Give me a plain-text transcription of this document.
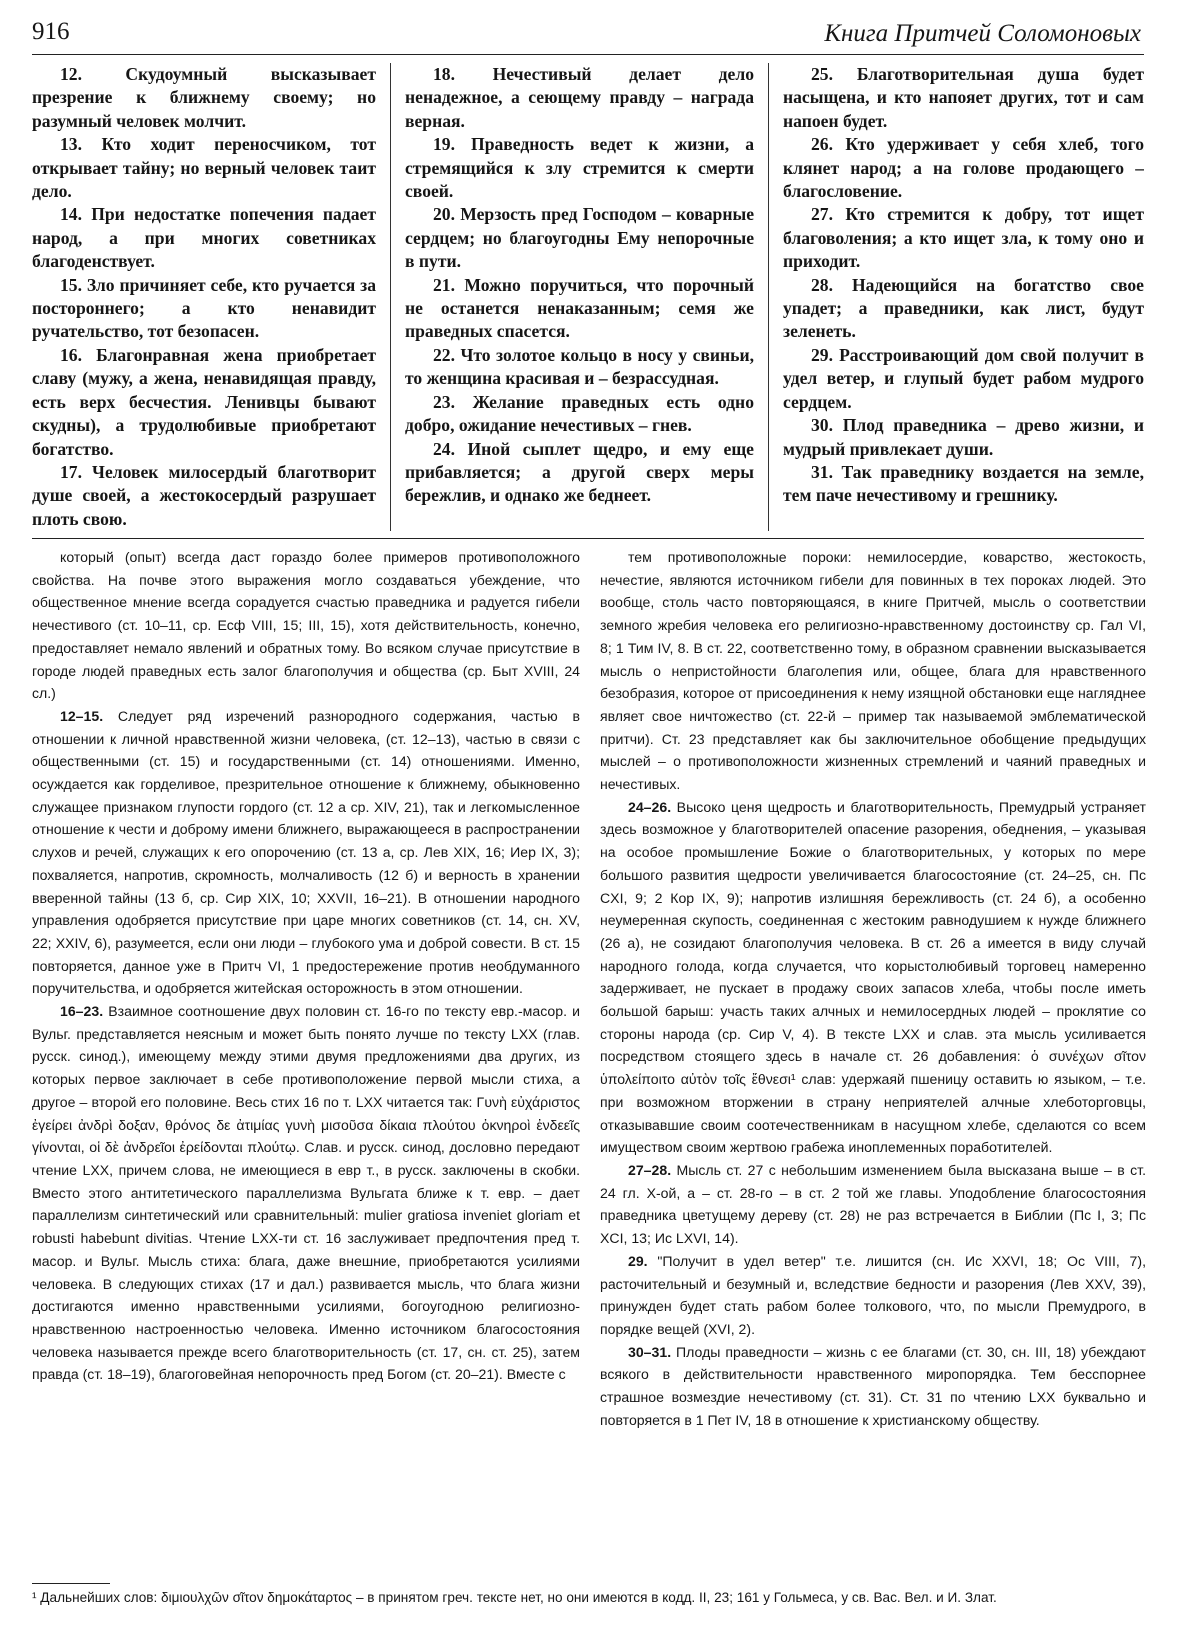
916	Книга Притчей Соломоновых

12. Скудоумный высказывает презрение к ближнему своему; но разумный человек молчит.

13. Кто ходит переносчиком, тот открывает тайну; но верный человек таит дело.

14. При недостатке попечения падает народ, а при многих советниках благоденствует.

15. Зло причиняет себе, кто ручается за постороннего; а кто ненавидит ручательство, тот безопасен.

16. Благонравная жена приобретает славу (мужу, а жена, ненавидящая правду, есть верх бесчестия. Ленивцы бывают скудны), а трудолюбивые приобретают богатство.

17. Человек милосердый благотворит душе своей, а жестокосердый разрушает плоть свою.

18. Нечестивый делает дело ненадежное, а сеющему правду – награда верная.

19. Праведность ведет к жизни, а стремящийся к злу стремится к смерти своей.

20. Мерзость пред Господом – коварные сердцем; но благоугодны Ему непорочные в пути.

21. Можно поручиться, что порочный не останется ненаказанным; семя же праведных спасется.

22. Что золотое кольцо в носу у свиньи, то женщина красивая и – безрассудная.

23. Желание праведных есть одно добро, ожидание нечестивых – гнев.

24. Иной сыплет щедро, и ему еще прибавляется; а другой сверх меры бережлив, и однако же беднеет.

25. Благотворительная душа будет насыщена, и кто напояет других, тот и сам напоен будет.

26. Кто удерживает у себя хлеб, того клянет народ; а на голове продающего – благословение.

27. Кто стремится к добру, тот ищет благоволения; а кто ищет зла, к тому оно и приходит.

28. Надеющийся на богатство свое упадет; а праведники, как лист, будут зеленеть.

29. Расстроивающий дом свой получит в удел ветер, и глупый будет рабом мудрого сердцем.

30. Плод праведника – древо жизни, и мудрый привлекает души.

31. Так праведнику воздается на земле, тем паче нечестивому и грешнику.

который (опыт) всегда даст гораздо более примеров противоположного свойства. На почве этого выражения могло создаваться убеждение, что общественное мнение всегда сорадуется счастью праведника и радуется гибели нечестивого (ст. 10–11, ср. Есф VIII, 15; III, 15), хотя действительность, конечно, предоставляет немало явлений и обратных тому. Во всяком случае присутствие в городе людей праведных есть залог благополучия и общества (ср. Быт XVIII, 24 сл.)

12–15. Следует ряд изречений разнородного содержания, частью в отношении к личной нравственной жизни человека, (ст. 12–13), частью в связи с общественными (ст. 15) и государственными (ст. 14) отношениями. Именно, осуждается как горделивое, презрительное отношение к ближнему, обыкновенно служащее признаком глупости гордого (ст. 12 а ср. XIV, 21), так и легкомысленное отношение к чести и доброму имени ближнего, выражающееся в распространении слухов и речей, служащих к его опорочению (ст. 13 а, ср. Лев XIX, 16; Иер IX, 3); похваляется, напротив, скромность, молчаливость (12 б) и верность в хранении вверенной тайны (13 б, ср. Сир XIX, 10; XXVII, 16–21). В отношении народного управления одобряется присутствие при царе многих советников (ст. 14, сн. XV, 22; XXIV, 6), разумеется, если они люди – глубокого ума и доброй совести. В ст. 15 повторяется, данное уже в Притч VI, 1 предостережение против необдуманного поручительства, и одобряется житейская осторожность в этом отношении.

16–23. Взаимное соотношение двух половин ст. 16-го по тексту евр.-масор. и Вульг. представляется неясным и может быть понято лучше по тексту LXX (глав. русск. синод.), имеющему между этими двумя предложениями два других, из которых первое заключает в себе противоположение первой мысли стиха, а другое – второй его половине. Весь стих 16 по т. LXX читается так: Γυνὴ εὐχάριστος ἐγείρει ἀνδρὶ δοξαν, θρόνος δε ἀτιμίας γυνὴ μισοῦσα δίκαια πλούτου ὀκνηροὶ ἐνδεεῖς γίνονται, οἱ δὲ ἀνδρεῖοι ἐρείδονται πλούτῳ. Слав. и русск. синод, дословно передают чтение LXX, причем слова, не имеющиеся в евр т., в русск. заключены в скобки. Вместо этого антитетического параллелизма Вульгата ближе к т. евр. – дает параллелизм синтетический или сравнительный: mulier gratiosa inveniet gloriam et robusti habebunt divitias. Чтение LXX-ти ст. 16 заслуживает предпочтения пред т. масор. и Вульг. Мысль стиха: блага, даже внешние, приобретаются усилиями человека. В следующих стихах (17 и дал.) развивается мысль, что блага жизни достигаются именно нравственными усилиями, богоугодною религиозно-нравственною настроенностью человека. Именно источником благосостояния человека называется прежде всего благотворительность (ст. 17, сн. ст. 25), затем правда (ст. 18–19), благоговейная непорочность пред Богом (ст. 20–21). Вместе с

тем противоположные пороки: немилосердие, коварство, жестокость, нечестие, являются источником гибели для повинных в тех пороках людей. Это вообще, столь часто повторяющаяся, в книге Притчей, мысль о соответствии земного жребия человека его религиозно-нравственному достоинству ср. Гал VI, 8; 1 Тим IV, 8. В ст. 22, соответственно тому, в образном сравнении высказывается мысль о непристойности благолепия или, общее, блага для нравственного безобразия, которое от присоединения к нему изящной обстановки еще нагляднее являет свое ничтожество (ст. 22-й – пример так называемой эмблематической притчи). Ст. 23 представляет как бы заключительное обобщение предыдущих мыслей – о противоположности жизненных стремлений и чаяний праведных и нечестивых.

24–26. Высоко ценя щедрость и благотворительность, Премудрый устраняет здесь возможное у благотворителей опасение разорения, обеднения, – указывая на особое промышление Божие о благотворительных, у которых по мере большого развития щедрости увеличивается благосостояние (ст. 24–25, сн. Пс CXI, 9; 2 Кор IX, 9); напротив излишняя бережливость (ст. 24 б), а особенно неумеренная скупость, соединенная с жестоким равнодушием к нужде ближнего (26 а), не созидают благополучия человека. В ст. 26 а имеется в виду случай народного голода, когда случается, что корыстолюбивый торговец намеренно задерживает, не пускает в продажу своих запасов хлеба, чтобы после иметь большой барыш: участь таких алчных и немилосердных людей – проклятие со стороны народа (ср. Сир V, 4). В тексте LXX и слав. эта мысль усиливается посредством стоящего здесь в начале ст. 26 добавления: ὁ συνέχων σῖτον ὑπολείποιτο αὐτὸν τοῖς ἔθνεσι¹ слав: удержаяй пшеницу оставить ю языком, – т.е. при возможном вторжении в страну неприятелей алчные хлеботорговцы, отказывавшие своим соотечественникам в насущном хлебе, сделаются со всем имуществом своим жертвою грабежа иноплеменных поработителей.

27–28. Мысль ст. 27 с небольшим изменением была высказана выше – в ст. 24 гл. Х-ой, а – ст. 28-го – в ст. 2 той же главы. Уподобление благосостояния праведника цветущему дереву (ст. 28) не раз встречается в Библии (Пс I, 3; Пс XCI, 13; Ис LXVI, 14).

29. "Получит в удел ветер" т.е. лишится (сн. Ис XXVI, 18; Ос VIII, 7), расточительный и безумный и, вследствие бедности и разорения (Лев XXV, 39), принужден будет стать рабом более толкового, что, по мысли Премудрого, в порядке вещей (XVI, 2).

30–31. Плоды праведности – жизнь с ее благами (ст. 30, сн. III, 18) убеждают всякого в действительности нравственного миропорядка. Тем бесспорнее страшное возмездие нечестивому (ст. 31). Ст. 31 по чтению LXX буквально и повторяется в 1 Пет IV, 18 в отношение к христианскому обществу.

¹ Дальнейших слов: διμιουλχῶν σῖτον δημοκάταρτος – в принятом греч. тексте нет, но они имеются в кодд. II, 23; 161 у Гольмеса, у св. Вас. Вел. и И. Злат.
